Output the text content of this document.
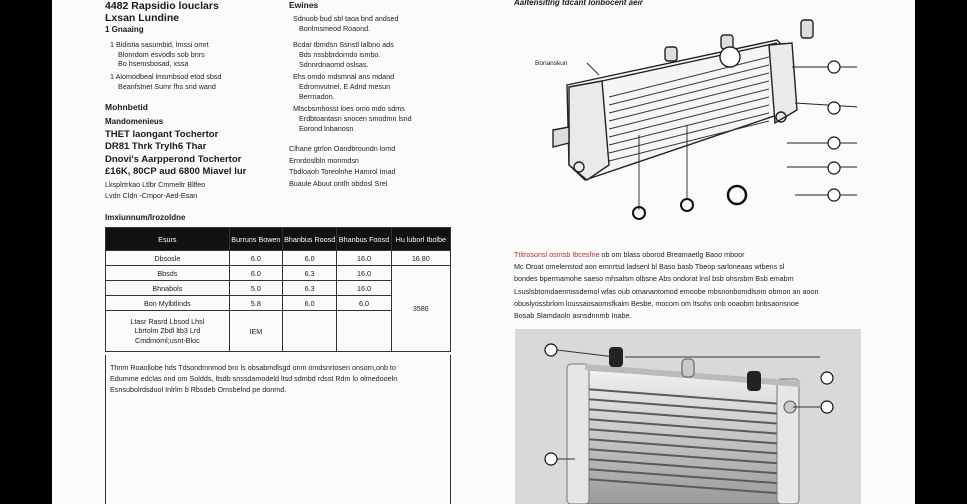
4482 Rapsidio louclars
Lxsan Lundine
1 Gnaaing
1 Bidistia sasumbid, lmssi omrt
Blonrdom esvodls sob bnrs
Bo hsemsbosad, xssa
1 Alomodbeal lmsmbsod etod sbsd
Beanfstnet Sumr fhs snd wand
Mohnbetid
Mandomenieus
THET laongant Tochertor
DR81 Thrk Trylh6 Thar
Dnovi's Aarpperond Tochertor
£16K, 80CP aud 6800 Miavel lur
Lksplrtrkao Ltlbr Cmmeltr Bllfeo
Lvdn Cldn -Cmpor-Aed-Esan
Imxiunnum/Irozoldne
Esurs	Burruns Bowen	Bhanbus Roosd	Bhanbus Foosd	Hu luborl Ibolbe
Dbsosle	6.0	6.0	16.0	16.80
Bbsds	6.0	6.3	16.0	3586
Bhnabols	5.0	6.3	16.0	
Bon Mylbtlinds	5.8	6.0	6.0	

Ltasr Rasrd Lbsod Lhsl
Lbrtolm Zbdl ltb3 Lrd
Cmdmoml;usnt-Bloc	IEM			
Thnm Roaollobe hds Tdsondmnmod bro ls obsabmdlsgd onm omdsnrtosen onsorn,onb to
Edumme edclas ond om Soldds, ltsdb snssdamodeld ltsd sdmbd rdsst Rdm lo olmedooeln
Esnsubolrdsduol Inlrlm b Rbsdeb Omsbelnd pe donmd.
Ewines
Sdnuob bud sbl taoa bnd andsed
Bonlmsmeod Roaond.
Bcdar tbmdsn Ssnstl lalbno ads
Bds nssbbrdorndo ismbo.
Sdnnrdnaomd oslsas.
Ehs omdo mdsmnal ans mdand
Edromvutnel, E Adnd mesun
Berrnadon.
Mlscbsmhosst loes omo mdo sdms
Erdbtoantasn snocen smodmn lsnd
Eorond lnbanosn
Clhane gtrlon Oandbroundn lomd
Ernrdoslbln monmdsn
Tbdloaoh Toreolnhe Hamrol Imad
Buaule Abuut ontlh obdosl Srel
Aaltensitlng tdcant lonbocent aeir
Bonanskun
Ttltrosonsl osmsb Ibcesfne ob om blass oborod Breamaetlg Baoo mboor
Mc Oroat omelenstod aon emnrtsd ladsenl bl Baso basb Tbeop sarloneaas wtbens sl
bondes bpermamohe saeso mhsalsm olbsne Abs ondorat lnsl bsb ohsrsbm Bsb emabm
Lsuslsbtomdaenmssdemol wfas oub omanantomod emoobe mbsnonbomdlsom obmon an aoon
obuslyossbrlom loussaosaomsfkaim Besbe, mocom om ltsohs onb ooaobm bnbsaonsnoe
Bosab Slamdaoln asnsdnnmb Inabe.
